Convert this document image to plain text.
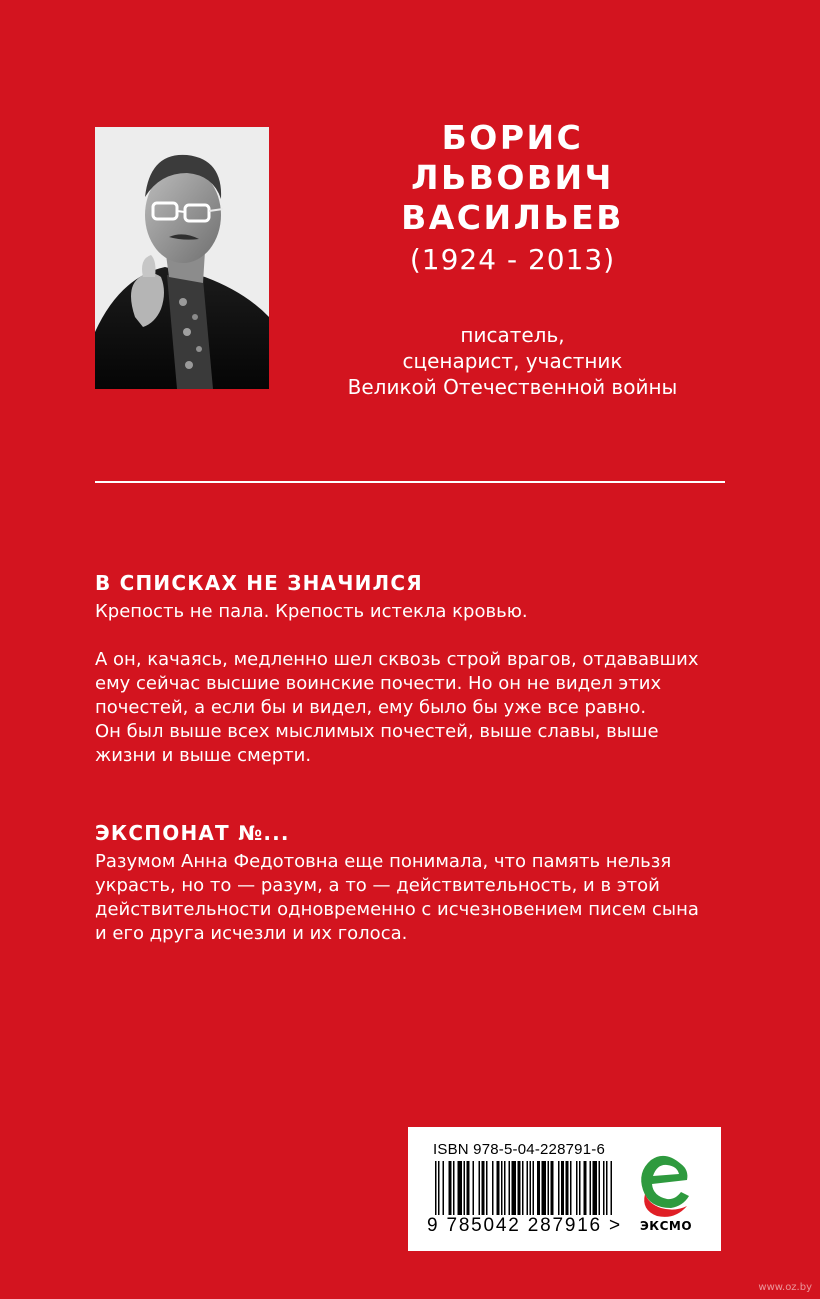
БОРИС
ЛЬВОВИЧ
ВАСИЛЬЕВ
(1924 - 2013)
писатель,
сценарист, участник
Великой Отечественной войны
В СПИСКАХ НЕ ЗНАЧИЛСЯ

Крепость не пала. Крепость истекла кровью.

А он, качаясь, медленно шел сквозь строй врагов, отдававших

ему сейчас высшие воинские почести. Но он не видел этих

почестей, а если бы и видел, ему было бы уже все равно.

Он был выше всех мыслимых почестей, выше славы, выше

жизни и выше смерти.

ЭКСПОНАТ №...

Разумом Анна Федотовна еще понимала, что память нельзя

украсть, но то — разум, а то — действительность, и в этой

действительности одновременно с исчезновением писем сына

и его друга исчезли и их голоса.

ISBN 978-5-04-228791-6
9 785042 287916 >	ЭКСМО
www.oz.by
